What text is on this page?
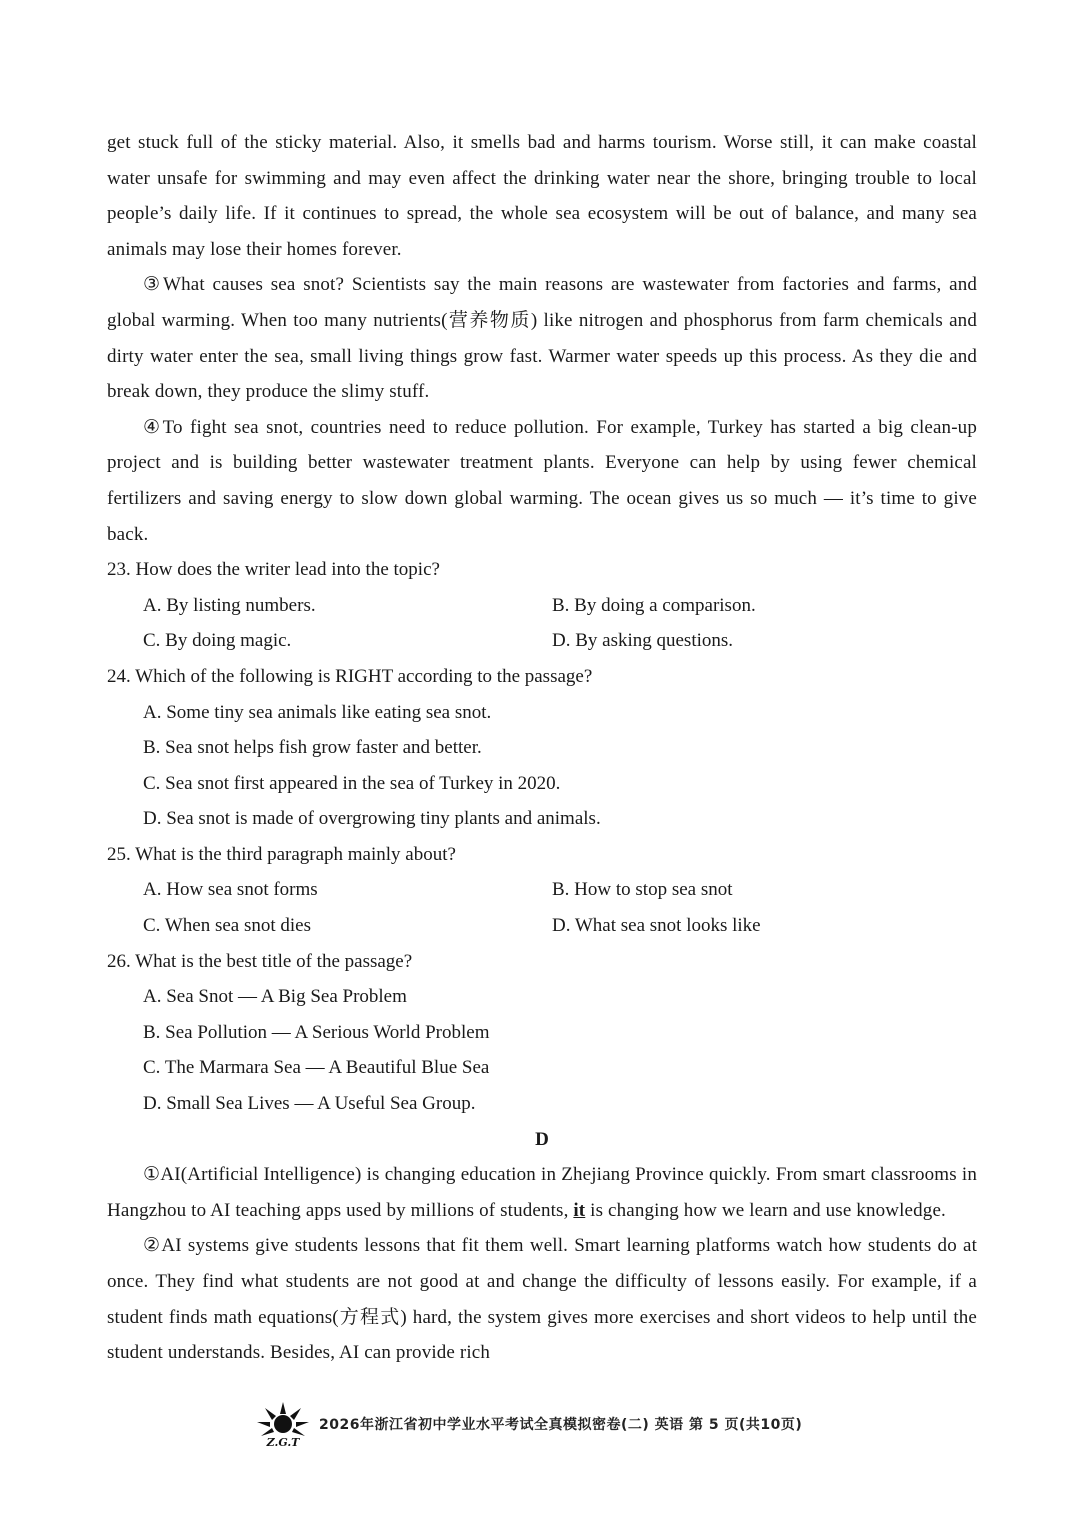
get stuck full of the sticky material. Also, it smells bad and harms tourism. Worse still, it can make coastal water unsafe for swimming and may even affect the drinking water near the shore, bringing trouble to local people’s daily life. If it continues to spread, the whole sea ecosystem will be out of balance, and many sea animals may lose their homes forever.

③What causes sea snot? Scientists say the main reasons are wastewater from factories and farms, and global warming. When too many nutrients(营养物质) like nitrogen and phosphorus from farm chemicals and dirty water enter the sea, small living things grow fast. Warmer water speeds up this process. As they die and break down, they produce the slimy stuff.

④To fight sea snot, countries need to reduce pollution. For example, Turkey has started a big clean-up project and is building better wastewater treatment plants. Everyone can help by using fewer chemical fertilizers and saving energy to slow down global warming. The ocean gives us so much — it’s time to give back.

23. How does the writer lead into the topic?

A. By listing numbers.	B. By doing a comparison.
C. By doing magic.	D. By asking questions.

24. Which of the following is RIGHT according to the passage?

A. Some tiny sea animals like eating sea snot.
B. Sea snot helps fish grow faster and better.
C. Sea snot first appeared in the sea of Turkey in 2020.
D. Sea snot is made of overgrowing tiny plants and animals.

25. What is the third paragraph mainly about?

A. How sea snot forms	B. How to stop sea snot
C. When sea snot dies	D. What sea snot looks like

26. What is the best title of the passage?

A. Sea Snot — A Big Sea Problem
B. Sea Pollution — A Serious World Problem
C. The Marmara Sea — A Beautiful Blue Sea
D. Small Sea Lives — A Useful Sea Group.

D

①AI(Artificial Intelligence) is changing education in Zhejiang Province quickly. From smart classrooms in Hangzhou to AI teaching apps used by millions of students, it is changing how we learn and use knowledge.

②AI systems give students lessons that fit them well. Smart learning platforms watch how students do at once. They find what students are not good at and change the difficulty of lessons easily. For example, if a student finds math equations(方程式) hard, the system gives more exercises and short videos to help until the student understands. Besides, AI can provide rich

Z.G.T
2026年浙江省初中学业水平考试全真模拟密卷(二) 英语 第 5 页(共10页)
